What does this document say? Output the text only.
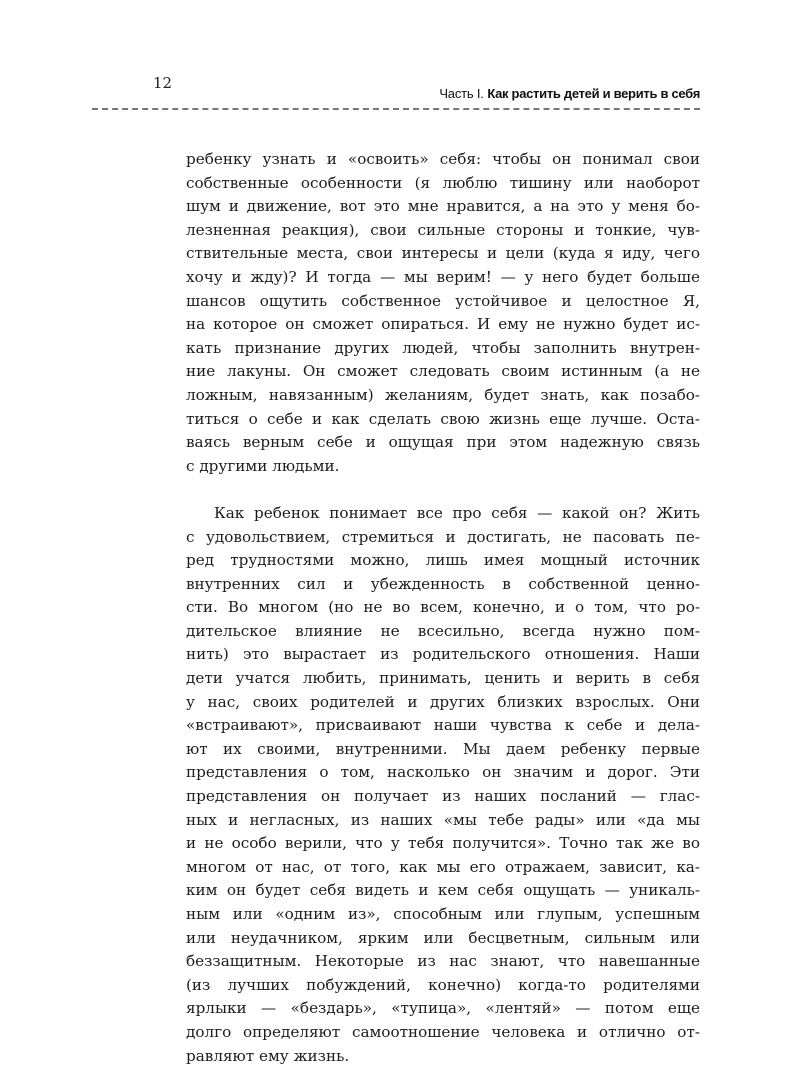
12
Часть I. Как растить детей и верить в себя
ребенку узнать и «освоить» себя: чтобы он понимал свои
собственные особенности (я люблю тишину или наоборот
шум и движение, вот это мне нравится, а на это у меня бо-
лезненная реакция), свои сильные стороны и тонкие, чув-
ствительные места, свои интересы и цели (куда я иду, чего
хочу и жду)? И тогда — мы верим! — у него будет больше
шансов ощутить собственное устойчивое и целостное Я,
на которое он сможет опираться. И ему не нужно будет ис-
кать признание других людей, чтобы заполнить внутрен-
ние лакуны. Он сможет следовать своим истинным (а не
ложным, навязанным) желаниям, будет знать, как позабо-
титься о себе и как сделать свою жизнь еще лучше. Оста-
ваясь верным себе и ощущая при этом надежную связь
с другими людьми.
Как ребенок понимает все про себя — какой он? Жить
с удовольствием, стремиться и достигать, не пасовать пе-
ред трудностями можно, лишь имея мощный источник
внутренних сил и убежденность в собственной ценно-
сти. Во многом (но не во всем, конечно, и о том, что ро-
дительское влияние не всесильно, всегда нужно пом-
нить) это вырастает из родительского отношения. Наши
дети учатся любить, принимать, ценить и верить в себя
у нас, своих родителей и других близких взрослых. Они
«встраивают», присваивают наши чувства к себе и дела-
ют их своими, внутренними. Мы даем ребенку первые
представления о том, насколько он значим и дорог. Эти
представления он получает из наших посланий — глас-
ных и негласных, из наших «мы тебе рады» или «да мы
и не особо верили, что у тебя получится». Точно так же во
многом от нас, от того, как мы его отражаем, зависит, ка-
ким он будет себя видеть и кем себя ощущать — уникаль-
ным или «одним из», способным или глупым, успешным
или неудачником, ярким или бесцветным, сильным или
беззащитным. Некоторые из нас знают, что навешанные
(из лучших побуждений, конечно) когда-то родителями
ярлыки — «бездарь», «тупица», «лентяй» — потом еще
долго определяют самоотношение человека и отлично от-
равляют ему жизнь.
